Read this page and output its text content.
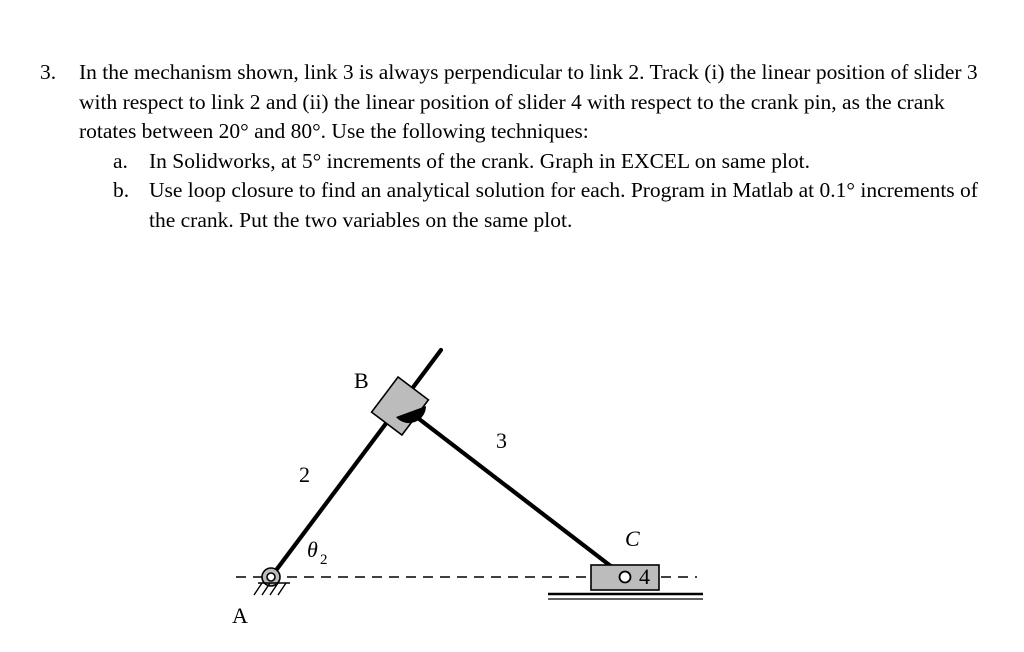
3.	In the mechanism shown, link 3 is always perpendicular to link 2. Track (i) the linear position of slider 3 with respect to link 2 and (ii) the linear position of slider 4 with respect to the crank pin, as the crank rotates between 20° and 80°. Use the following techniques:
a. In Solidworks, at 5° increments of the crank. Graph in EXCEL on same plot.
b. Use loop closure to find an analytical solution for each. Program in Matlab at 0.1° increments of the crank. Put the two variables on the same plot.
B
3
2
C
θ 2
4
A
